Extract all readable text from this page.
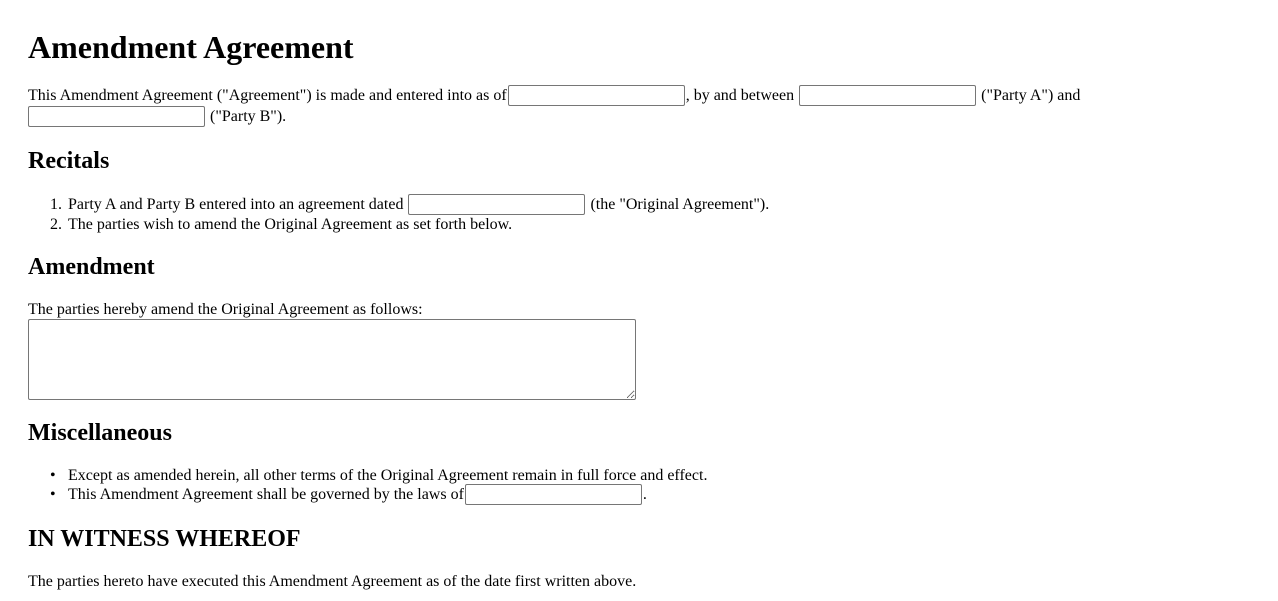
Amendment Agreement
This Amendment Agreement ("Agreement") is made and entered into as of	, by and between	("Party A") and
("Party B").
Recitals
1. Party A and Party B entered into an agreement dated	(the "Original Agreement").
2. The parties wish to amend the Original Agreement as set forth below.
Amendment
The parties hereby amend the Original Agreement as follows:
Miscellaneous
• Except as amended herein, all other terms of the Original Agreement remain in full force and effect.
• This Amendment Agreement shall be governed by the laws of	.
IN WITNESS WHEREOF
The parties hereto have executed this Amendment Agreement as of the date first written above.
